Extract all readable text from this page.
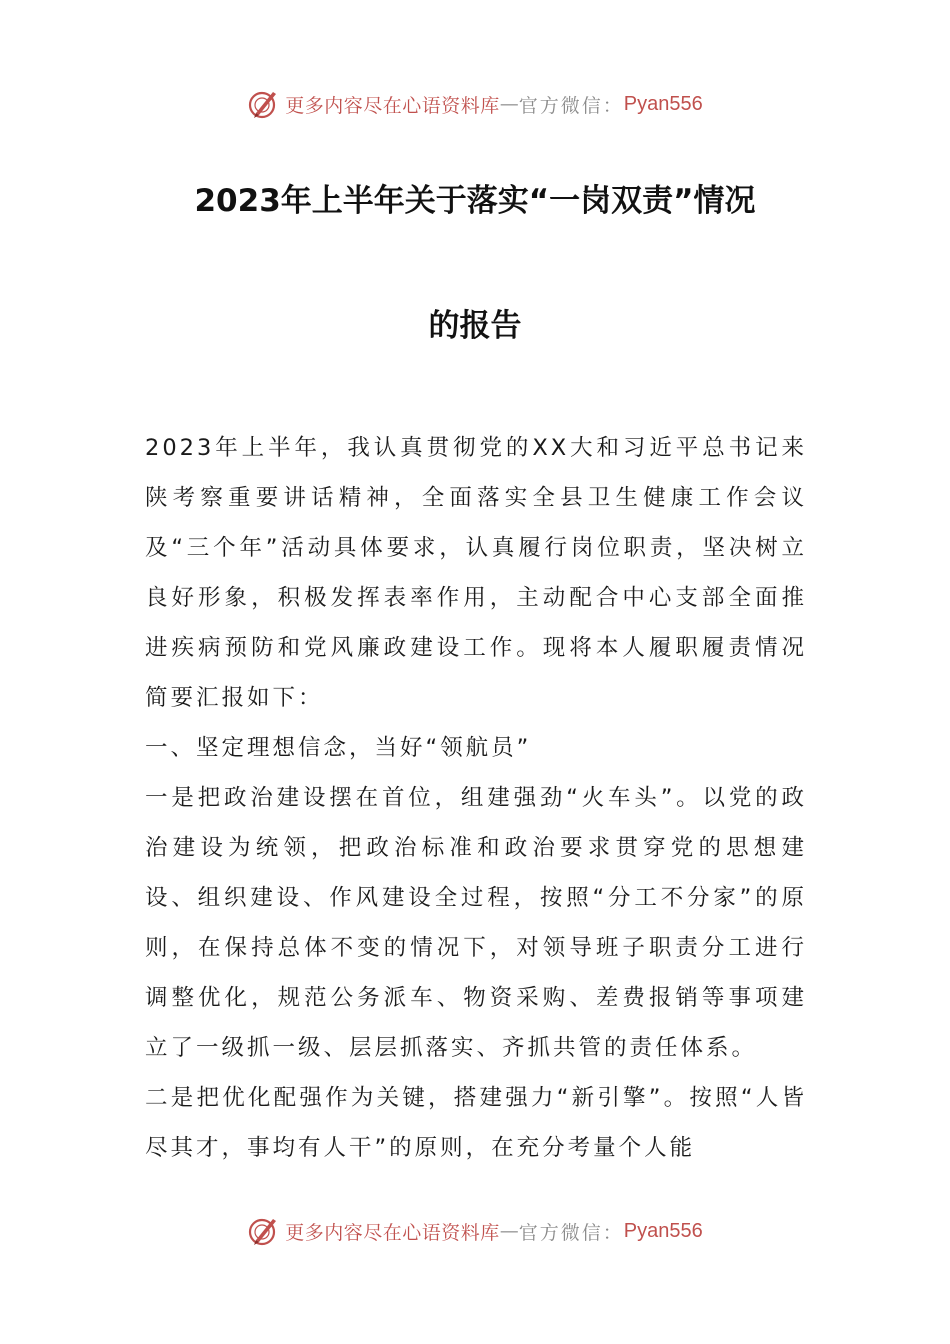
更多内容尽在心语资料库 — 官方微信： Pyan556
2023年上半年关于落实“一岗双责”情况
的报告

2023年上半年，我认真贯彻党的XX大和习近平总书记来陕考察重要讲话精神，全面落实全县卫生健康工作会议及“三个年”活动具体要求，认真履行岗位职责，坚决树立良好形象，积极发挥表率作用，主动配合中心支部全面推进疾病预防和党风廉政建设工作。现将本人履职履责情况简要汇报如下：

一、坚定理想信念，当好“领航员”

一是把政治建设摆在首位，组建强劲“火车头”。以党的政治建设为统领，把政治标准和政治要求贯穿党的思想建设、组织建设、作风建设全过程，按照“分工不分家”的原则，在保持总体不变的情况下，对领导班子职责分工进行调整优化，规范公务派车、物资采购、差费报销等事项建立了一级抓一级、层层抓落实、齐抓共管的责任体系。

二是把优化配强作为关键，搭建强力“新引擎”。按照“人皆尽其才，事均有人干”的原则，在充分考量个人能

更多内容尽在心语资料库 — 官方微信： Pyan556
